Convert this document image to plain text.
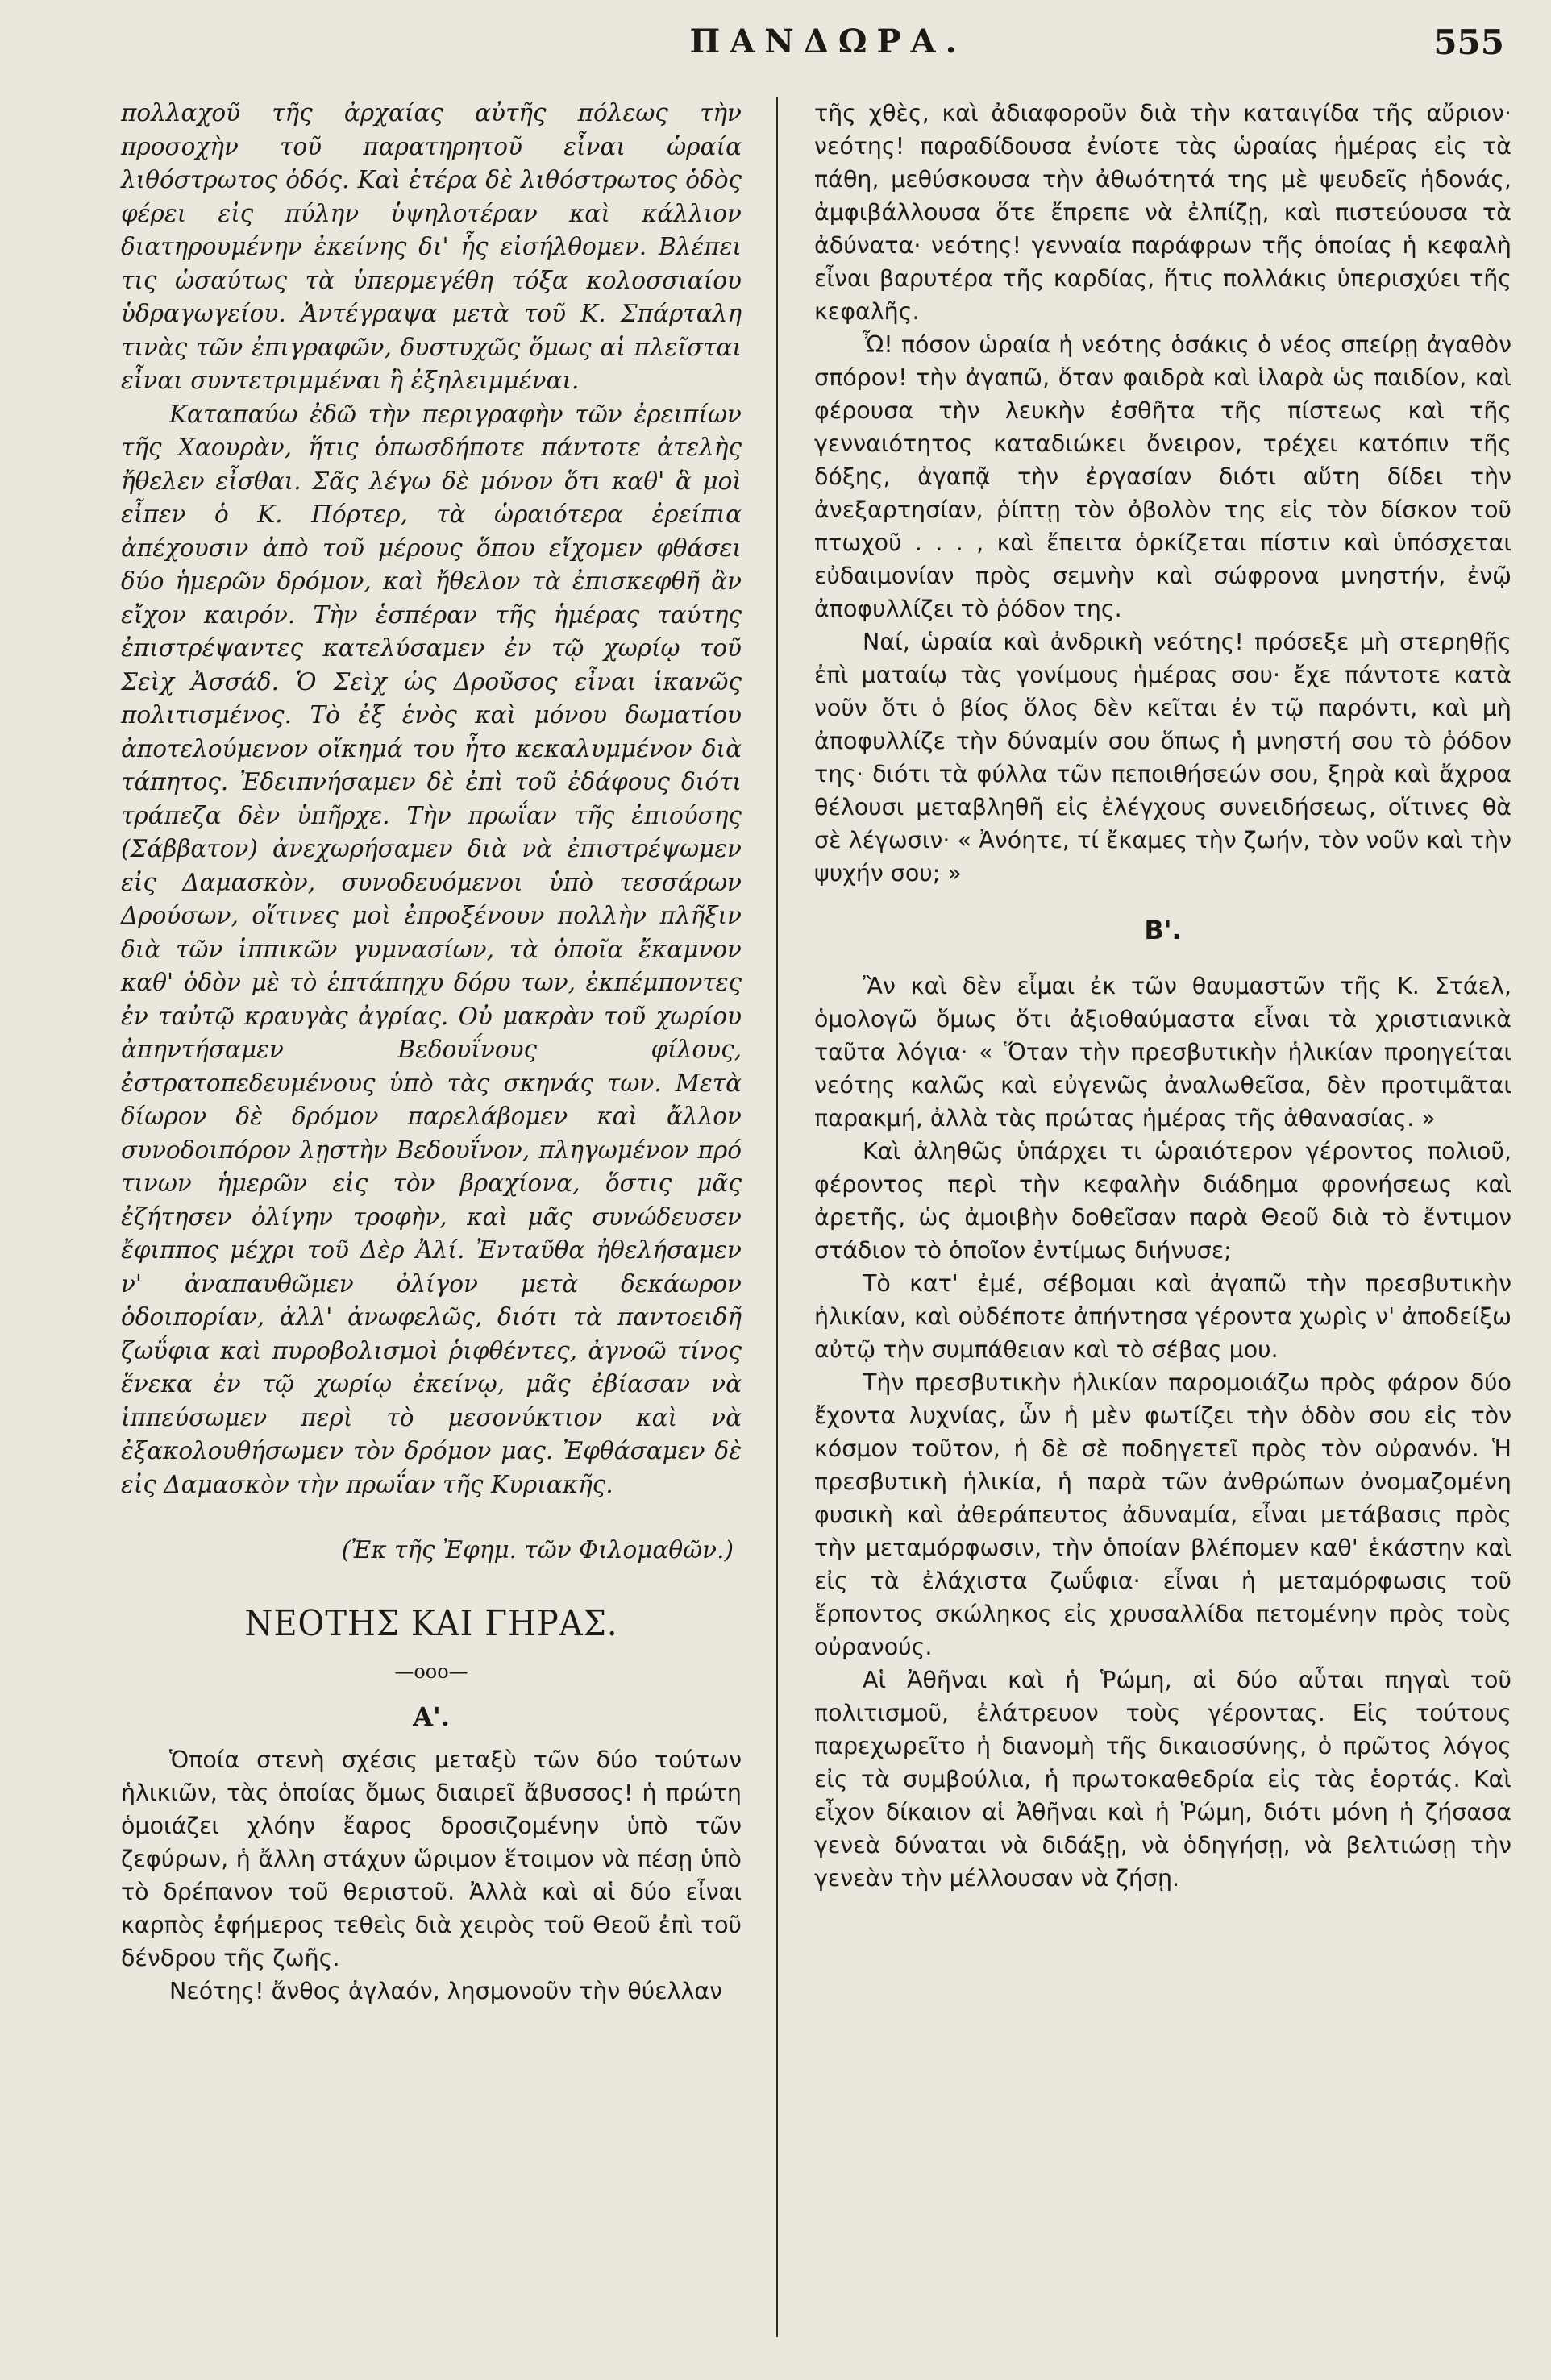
ΠΑΝΔΩΡΑ.	555

πολλαχοῦ τῆς ἀρχαίας αὐτῆς πόλεως τὴν προσοχὴν τοῦ παρατηρητοῦ εἶναι ὡραία λιθόστρωτος ὁδός. Καὶ ἑτέρα δὲ λιθόστρωτος ὁδὸς φέρει εἰς πύλην ὑψηλοτέραν καὶ κάλλιον διατηρουμένην ἐκείνης δι' ἧς εἰσήλθομεν. Βλέπει τις ὡσαύτως τὰ ὑπερμεγέθη τόξα κολοσσιαίου ὑδραγωγείου. Ἀντέγραψα μετὰ τοῦ Κ. Σπάρταλη τινὰς τῶν ἐπιγραφῶν, δυστυχῶς ὅμως αἱ πλεῖσται εἶναι συντετριμμέναι ἢ ἐξηλειμμέναι.

Καταπαύω ἐδῶ τὴν περιγραφὴν τῶν ἐρειπίων τῆς Χαουρὰν, ἥτις ὁπωσδήποτε πάντοτε ἀτελὴς ἤθελεν εἶσθαι. Σᾶς λέγω δὲ μόνον ὅτι καθ' ἃ μοὶ εἶπεν ὁ Κ. Πόρτερ, τὰ ὡραιότερα ἐρείπια ἀπέχουσιν ἀπὸ τοῦ μέρους ὅπου εἴχομεν φθάσει δύο ἡμερῶν δρόμον, καὶ ἤθελον τὰ ἐπισκεφθῆ ἂν εἴχον καιρόν. Τὴν ἑσπέραν τῆς ἡμέρας ταύτης ἐπιστρέψαντες κατελύσαμεν ἐν τῷ χωρίῳ τοῦ Σεὶχ Ἀσσάδ. Ὁ Σεὶχ ὡς Δροῦσος εἶναι ἱκανῶς πολιτισμένος. Τὸ ἐξ ἑνὸς καὶ μόνου δωματίου ἀποτελούμενον οἴκημά του ἦτο κεκαλυμμένον διὰ τάπητος. Ἐδειπνήσαμεν δὲ ἐπὶ τοῦ ἐδάφους διότι τράπεζα δὲν ὑπῆρχε. Τὴν πρωΐαν τῆς ἐπιούσης (Σάββατον) ἀνεχωρήσαμεν διὰ νὰ ἐπιστρέψωμεν εἰς Δαμασκὸν, συνοδευόμενοι ὑπὸ τεσσάρων Δρούσων, οἵτινες μοὶ ἐπροξένουν πολλὴν πλῆξιν διὰ τῶν ἱππικῶν γυμνασίων, τὰ ὁποῖα ἔκαμνον καθ' ὁδὸν μὲ τὸ ἑπτάπηχυ δόρυ των, ἐκπέμποντες ἐν ταὐτῷ κραυγὰς ἀγρίας. Οὐ μακρὰν τοῦ χωρίου ἀπηντήσαμεν Βεδουΐνους φίλους, ἐστρατοπεδευμένους ὑπὸ τὰς σκηνάς των. Μετὰ δίωρον δὲ δρόμον παρελάβομεν καὶ ἄλλον συνοδοιπόρον λῃστὴν Βεδουΐνον, πληγωμένον πρό τινων ἡμερῶν εἰς τὸν βραχίονα, ὅστις μᾶς ἐζήτησεν ὀλίγην τροφὴν, καὶ μᾶς συνώδευσεν ἔφιππος μέχρι τοῦ Δὲρ Ἀλί. Ἐνταῦθα ἠθελήσαμεν ν' ἀναπαυθῶμεν ὀλίγον μετὰ δεκάωρον ὁδοιπορίαν, ἀλλ' ἀνωφελῶς, διότι τὰ παντοειδῆ ζωΰφια καὶ πυροβολισμοὶ ῥιφθέντες, ἀγνοῶ τίνος ἕνεκα ἐν τῷ χωρίῳ ἐκείνῳ, μᾶς ἐβίασαν νὰ ἱππεύσωμεν περὶ τὸ μεσονύκτιον καὶ νὰ ἐξακολουθήσωμεν τὸν δρόμον μας. Ἐφθάσαμεν δὲ εἰς Δαμασκὸν τὴν πρωΐαν τῆς Κυριακῆς.

(Ἐκ τῆς Ἐφημ. τῶν Φιλομαθῶν.)

ΝΕΟΤΗΣ ΚΑΙ ΓΗΡΑΣ.
—ooo—
Α'.

Ὁποία στενὴ σχέσις μεταξὺ τῶν δύο τούτων ἡλικιῶν, τὰς ὁποίας ὅμως διαιρεῖ ἄβυσσος! ἡ πρώτη ὁμοιάζει χλόην ἔαρος δροσιζομένην ὑπὸ τῶν ζεφύρων, ἡ ἄλλη στάχυν ὥριμον ἕτοιμον νὰ πέσῃ ὑπὸ τὸ δρέπανον τοῦ θεριστοῦ. Ἀλλὰ καὶ αἱ δύο εἶναι καρπὸς ἐφήμερος τεθεὶς διὰ χειρὸς τοῦ Θεοῦ ἐπὶ τοῦ δένδρου τῆς ζωῆς.

Νεότης! ἄνθος ἀγλαόν, λησμονοῦν τὴν θύελλαν

τῆς χθὲς, καὶ ἀδιαφοροῦν διὰ τὴν καταιγίδα τῆς αὔριον· νεότης! παραδίδουσα ἐνίοτε τὰς ὡραίας ἡμέρας εἰς τὰ πάθη, μεθύσκουσα τὴν ἀθωότητά της μὲ ψευδεῖς ἡδονάς, ἀμφιβάλλουσα ὅτε ἔπρεπε νὰ ἐλπίζῃ, καὶ πιστεύουσα τὰ ἀδύνατα· νεότης! γενναία παράφρων τῆς ὁποίας ἡ κεφαλὴ εἶναι βαρυτέρα τῆς καρδίας, ἥτις πολλάκις ὑπερισχύει τῆς κεφαλῆς.

Ὦ! πόσον ὡραία ἡ νεότης ὁσάκις ὁ νέος σπείρῃ ἀγαθὸν σπόρον! τὴν ἀγαπῶ, ὅταν φαιδρὰ καὶ ἱλαρὰ ὡς παιδίον, καὶ φέρουσα τὴν λευκὴν ἐσθῆτα τῆς πίστεως καὶ τῆς γενναιότητος καταδιώκει ὄνειρον, τρέχει κατόπιν τῆς δόξης, ἀγαπᾷ τὴν ἐργασίαν διότι αὕτη δίδει τὴν ἀνεξαρτησίαν, ῥίπτῃ τὸν ὀβολὸν της εἰς τὸν δίσκον τοῦ πτωχοῦ . . . , καὶ ἔπειτα ὁρκίζεται πίστιν καὶ ὑπόσχεται εὐδαιμονίαν πρὸς σεμνὴν καὶ σώφρονα μνηστήν, ἐνῷ ἀποφυλλίζει τὸ ῥόδον της.

Ναί, ὡραία καὶ ἀνδρικὴ νεότης! πρόσεξε μὴ στερηθῇς ἐπὶ ματαίῳ τὰς γονίμους ἡμέρας σου· ἔχε πάντοτε κατὰ νοῦν ὅτι ὁ βίος ὅλος δὲν κεῖται ἐν τῷ παρόντι, καὶ μὴ ἀποφυλλίζε τὴν δύναμίν σου ὅπως ἡ μνηστή σου τὸ ῥόδον της· διότι τὰ φύλλα τῶν πεποιθήσεών σου, ξηρὰ καὶ ἄχροα θέλουσι μεταβληθῆ εἰς ἐλέγχους συνειδήσεως, οἵτινες θὰ σὲ λέγωσιν· « Ἀνόητε, τί ἔκαμες τὴν ζωήν, τὸν νοῦν καὶ τὴν ψυχήν σου; »

Β'.

Ἂν καὶ δὲν εἶμαι ἐκ τῶν θαυμαστῶν τῆς Κ. Στάελ, ὁμολογῶ ὅμως ὅτι ἀξιοθαύμαστα εἶναι τὰ χριστιανικὰ ταῦτα λόγια· « Ὅταν τὴν πρεσβυτικὴν ἡλικίαν προηγείται νεότης καλῶς καὶ εὐγενῶς ἀναλωθεῖσα, δὲν προτιμᾶται παρακμή, ἀλλὰ τὰς πρώτας ἡμέρας τῆς ἀθανασίας. »

Καὶ ἀληθῶς ὑπάρχει τι ὡραιότερον γέροντος πολιοῦ, φέροντος περὶ τὴν κεφαλὴν διάδημα φρονήσεως καὶ ἀρετῆς, ὡς ἀμοιβὴν δοθεῖσαν παρὰ Θεοῦ διὰ τὸ ἔντιμον στάδιον τὸ ὁποῖον ἐντίμως διήνυσε;

Τὸ κατ' ἐμέ, σέβομαι καὶ ἀγαπῶ τὴν πρεσβυτικὴν ἡλικίαν, καὶ οὐδέποτε ἀπήντησα γέροντα χωρὶς ν' ἀποδείξω αὐτῷ τὴν συμπάθειαν καὶ τὸ σέβας μου.

Τὴν πρεσβυτικὴν ἡλικίαν παρομοιάζω πρὸς φάρον δύο ἔχοντα λυχνίας, ὧν ἡ μὲν φωτίζει τὴν ὁδὸν σου εἰς τὸν κόσμον τοῦτον, ἡ δὲ σὲ ποδηγετεῖ πρὸς τὸν οὐρανόν. Ἡ πρεσβυτικὴ ἡλικία, ἡ παρὰ τῶν ἀνθρώπων ὀνομαζομένη φυσικὴ καὶ ἀθεράπευτος ἀδυναμία, εἶναι μετάβασις πρὸς τὴν μεταμόρφωσιν, τὴν ὁποίαν βλέπομεν καθ' ἑκάστην καὶ εἰς τὰ ἐλάχιστα ζωΰφια· εἶναι ἡ μεταμόρφωσις τοῦ ἕρποντος σκώληκος εἰς χρυσαλλίδα πετομένην πρὸς τοὺς οὐρανούς.

Αἱ Ἀθῆναι καὶ ἡ Ῥώμη, αἱ δύο αὗται πηγαὶ τοῦ πολιτισμοῦ, ἐλάτρευον τοὺς γέροντας. Εἰς τούτους παρεχωρεῖτο ἡ διανομὴ τῆς δικαιοσύνης, ὁ πρῶτος λόγος εἰς τὰ συμβούλια, ἡ πρωτοκαθεδρία εἰς τὰς ἑορτάς. Καὶ εἶχον δίκαιον αἱ Ἀθῆναι καὶ ἡ Ῥώμη, διότι μόνη ἡ ζήσασα γενεὰ δύναται νὰ διδάξῃ, νὰ ὁδηγήσῃ, νὰ βελτιώσῃ τὴν γενεὰν τὴν μέλλουσαν νὰ ζήσῃ.
